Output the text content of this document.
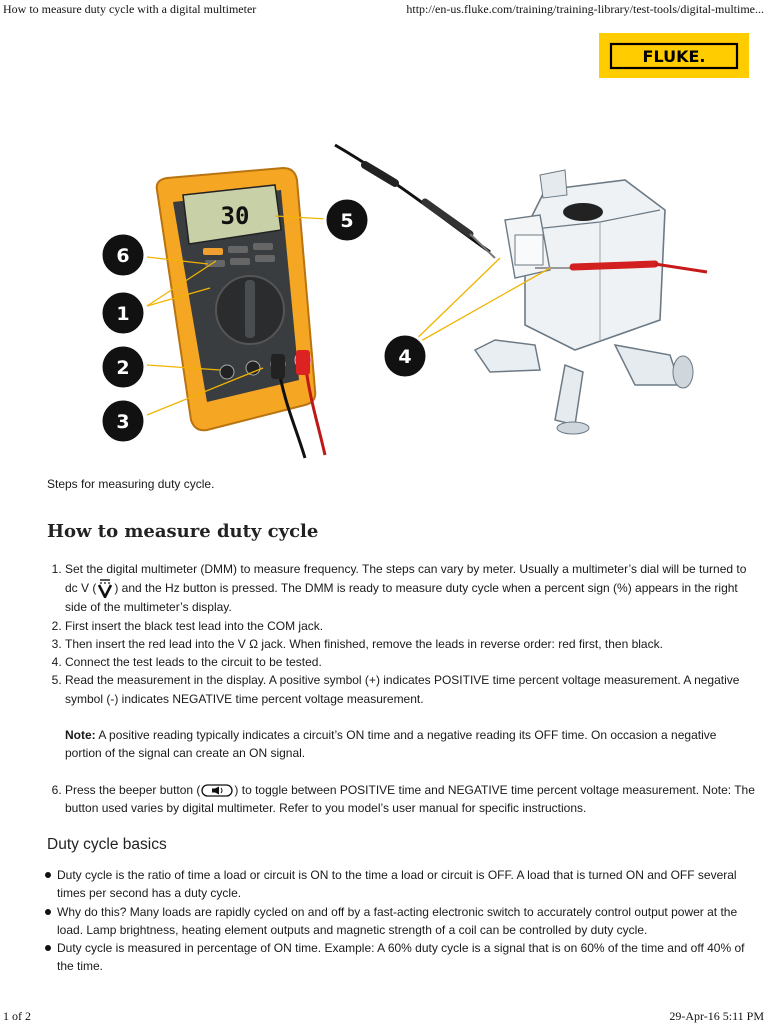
How to measure duty cycle with a digital multimeter	http://en-us.fluke.com/training/training-library/test-tools/digital-multime...
FLUKE.
30
6
1
2
3
5
4
Steps for measuring duty cycle.
How to measure duty cycle
1. Set the digital multimeter (DMM) to measure frequency. The steps can vary by meter. Usually a multimeter’s dial will be turned to dc V ( ) and the Hz button is pressed. The DMM is ready to measure duty cycle when a percent sign (%) appears in the right side of the multimeter’s display.
2. First insert the black test lead into the COM jack.
3. Then insert the red lead into the V Ω jack. When finished, remove the leads in reverse order: red first, then black.
4. Connect the test leads to the circuit to be tested.
5. Read the measurement in the display. A positive symbol (+) indicates POSITIVE time percent voltage measurement. A negative symbol (-) indicates NEGATIVE time percent voltage measurement.
Note: A positive reading typically indicates a circuit’s ON time and a negative reading its OFF time. On occasion a negative portion of the signal can create an ON signal.
6. Press the beeper button (	) to toggle between POSITIVE time and NEGATIVE time percent voltage measurement. Note: The button used varies by digital multimeter. Refer to you model’s user manual for specific instructions.
Duty cycle basics
Duty cycle is the ratio of time a load or circuit is ON to the time a load or circuit is OFF. A load that is turned ON and OFF several times per second has a duty cycle.
Why do this? Many loads are rapidly cycled on and off by a fast-acting electronic switch to accurately control output power at the load. Lamp brightness, heating element outputs and magnetic strength of a coil can be controlled by duty cycle.
Duty cycle is measured in percentage of ON time. Example: A 60% duty cycle is a signal that is on 60% of the time and off 40% of the time.
1 of 2	29-Apr-16 5:11 PM
